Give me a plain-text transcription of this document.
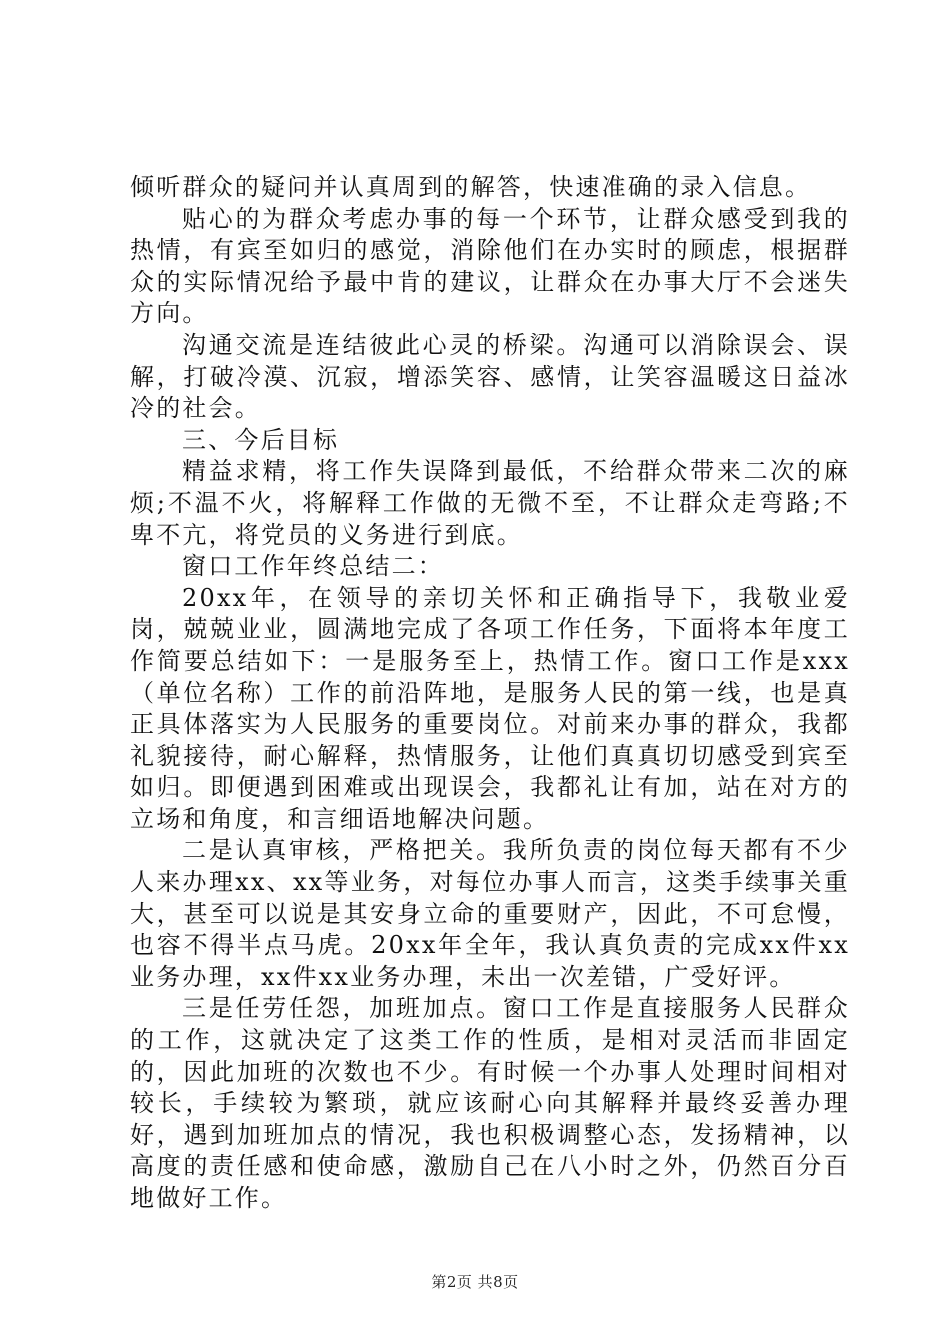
倾听群众的疑问并认真周到的解答，快速准确的录入信息。

贴心的为群众考虑办事的每一个环节，让群众感受到我的热情，有宾至如归的感觉，消除他们在办实时的顾虑，根据群众的实际情况给予最中肯的建议，让群众在办事大厅不会迷失方向。

沟通交流是连结彼此心灵的桥梁。沟通可以消除误会、误解，打破冷漠、沉寂，增添笑容、感情，让笑容温暖这日益冰冷的社会。

三、今后目标

精益求精，将工作失误降到最低，不给群众带来二次的麻烦;不温不火，将解释工作做的无微不至，不让群众走弯路;不卑不亢，将党员的义务进行到底。

窗口工作年终总结二：

20xx年，在领导的亲切关怀和正确指导下，我敬业爱岗，兢兢业业，圆满地完成了各项工作任务，下面将本年度工作简要总结如下：一是服务至上，热情工作。窗口工作是xxx（单位名称）工作的前沿阵地，是服务人民的第一线，也是真正具体落实为人民服务的重要岗位。对前来办事的群众，我都礼貌接待，耐心解释，热情服务，让他们真真切切感受到宾至如归。即便遇到困难或出现误会，我都礼让有加，站在对方的立场和角度，和言细语地解决问题。

二是认真审核，严格把关。我所负责的岗位每天都有不少人来办理xx、xx等业务，对每位办事人而言，这类手续事关重大，甚至可以说是其安身立命的重要财产，因此，不可怠慢，也容不得半点马虎。20xx年全年，我认真负责的完成xx件xx业务办理，xx件xx业务办理，未出一次差错，广受好评。

三是任劳任怨，加班加点。窗口工作是直接服务人民群众的工作，这就决定了这类工作的性质，是相对灵活而非固定的，因此加班的次数也不少。有时候一个办事人处理时间相对较长，手续较为繁琐，就应该耐心向其解释并最终妥善办理好，遇到加班加点的情况，我也积极调整心态，发扬精神，以高度的责任感和使命感，激励自己在八小时之外，仍然百分百地做好工作。

第2页 共8页
